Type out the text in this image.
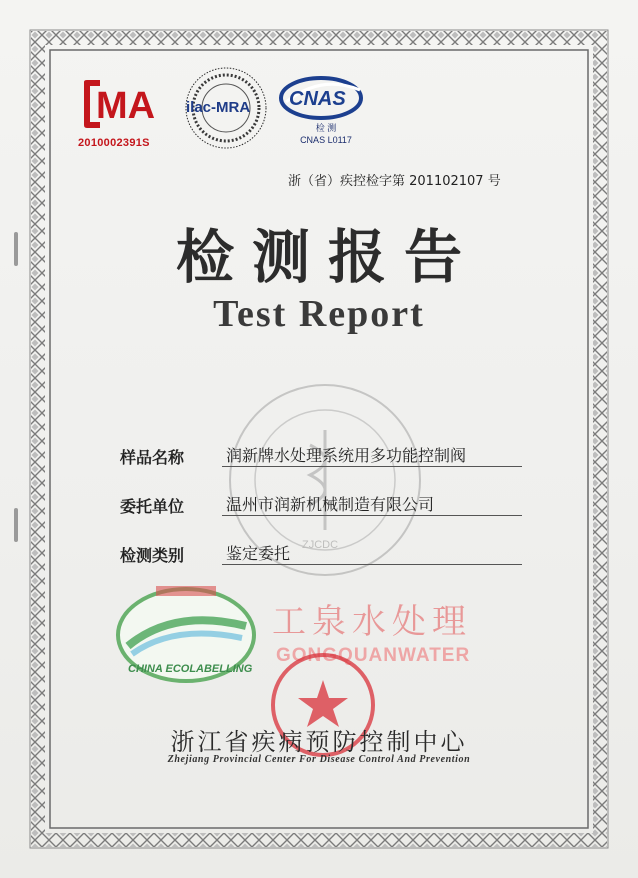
MA
2010002391S
ilac-MRA CNAS
检 测
CNAS L0117
浙（省）疾控检字第 201102107 号
检测报告
Test Report
ZJCDC
样品名称	润新牌水处理系统用多功能控制阀
委托单位	温州市润新机械制造有限公司
检测类别	鉴定委托
CHINA ECOLABELLING
工泉水处理
GONGQUANWATER
浙江省疾病预防控制中心
Zhejiang Provincial Center For Disease Control And Prevention
